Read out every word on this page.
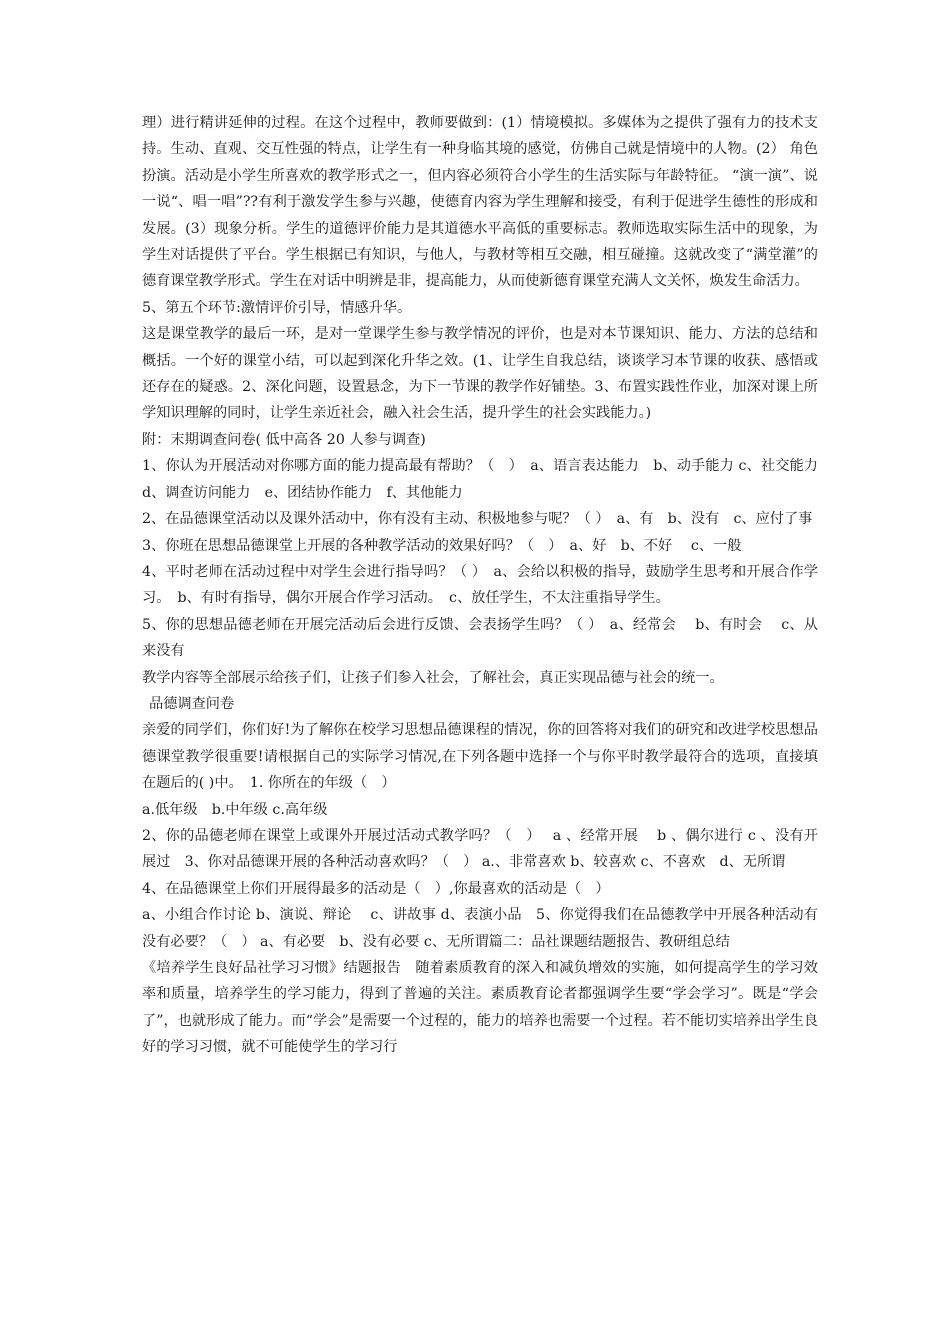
理）进行精讲延伸的过程。在这个过程中，教师要做到：(1）情境模拟。多媒体为之提供了强有力的技术支持。生动、直观、交互性强的特点，让学生有一种身临其境的感觉，仿佛自己就是情境中的人物。(2） 角色扮演。活动是小学生所喜欢的教学形式之一，但内容必须符合小学生的生活实际与年龄特征。 “演一演”、说一说“、唱一唱”??有利于激发学生参与兴趣，使德育内容为学生理解和接受，有利于促进学生德性的形成和发展。(3）现象分析。学生的道德评价能力是其道德水平高低的重要标志。教师选取实际生活中的现象，为学生对话提供了平台。学生根据已有知识，与他人，与教材等相互交融，相互碰撞。这就改变了“满堂灌”的德育课堂教学形式。学生在对话中明辨是非，提高能力，从而使新德育课堂充满人文关怀，焕发生命活力。

5、第五个环节:激情评价引导，情感升华。

这是课堂教学的最后一环，是对一堂课学生参与教学情况的评价，也是对本节课知识、能力、方法的总结和概括。一个好的课堂小结，可以起到深化升华之效。(1、让学生自我总结，谈谈学习本节课的收获、感悟或还存在的疑惑。2、深化问题，设置悬念，为下一节课的教学作好铺垫。3、布置实践性作业，加深对课上所学知识理解的同时，让学生亲近社会，融入社会生活，提升学生的社会实践能力。)

附：末期调查问卷( 低中高各 20 人参与调查)

1、你认为开展活动对你哪方面的能力提高最有帮助？（　）　a、语言表达能力　b、动手能力 c、社交能力 d、调查访问能力　e、团结协作能力　f、其他能力

2、在品德课堂活动以及课外活动中，你有没有主动、积极地参与呢？（ ）　a、有　b、没有　c、应付了事

3、你班在思想品德课堂上开展的各种教学活动的效果好吗？（　）　a、好　b、不好　 c、一般

4、平时老师在活动过程中对学生会进行指导吗？（ ）　a、会给以积极的指导，鼓励学生思考和开展合作学习。　b、有时有指导，偶尔开展合作学习活动。　c、放任学生，不太注重指导学生。

5、你的思想品德老师在开展完活动后会进行反馈、会表扬学生吗？（ ）　a、经常会　 b、有时会　 c、从来没有

教学内容等全部展示给孩子们，让孩子们参入社会，了解社会，真正实现品德与社会的统一。

品德调查问卷

亲爱的同学们，你们好!为了解你在校学习思想品德课程的情况，你的回答将对我们的研究和改进学校思想品德课堂教学很重要!请根据自己的实际学习情况,在下列各题中选择一个与你平时教学最符合的选项，直接填在题后的( )中。　1. 你所在的年级（　）

a.低年级　b.中年级 c.高年级

2、你的品德老师在课堂上或课外开展过活动式教学吗？（　）　 a 、经常开展　 b 、偶尔进行 c 、没有开展过　3、你对品德课开展的各种活动喜欢吗？（　） a.、非常喜欢 b、较喜欢 c、不喜欢　d、无所谓

4、在品德课堂上你们开展得最多的活动是（　）,你最喜欢的活动是（　）

a、小组合作讨论 b、演说、辩论　 c、讲故事 d、表演小品　5、你觉得我们在品德教学中开展各种活动有没有必要？（　） a、有必要　b、没有必要 c、无所谓篇二：品社课题结题报告、教研组总结

《培养学生良好品社学习习惯》结题报告　随着素质教育的深入和减负增效的实施，如何提高学生的学习效率和质量，培养学生的学习能力，得到了普遍的关注。素质教育论者都强调学生要“学会学习”。既是“学会了”，也就形成了能力。而“学会”是需要一个过程的，能力的培养也需要一个过程。若不能切实培养出学生良好的学习习惯，就不可能使学生的学习行
